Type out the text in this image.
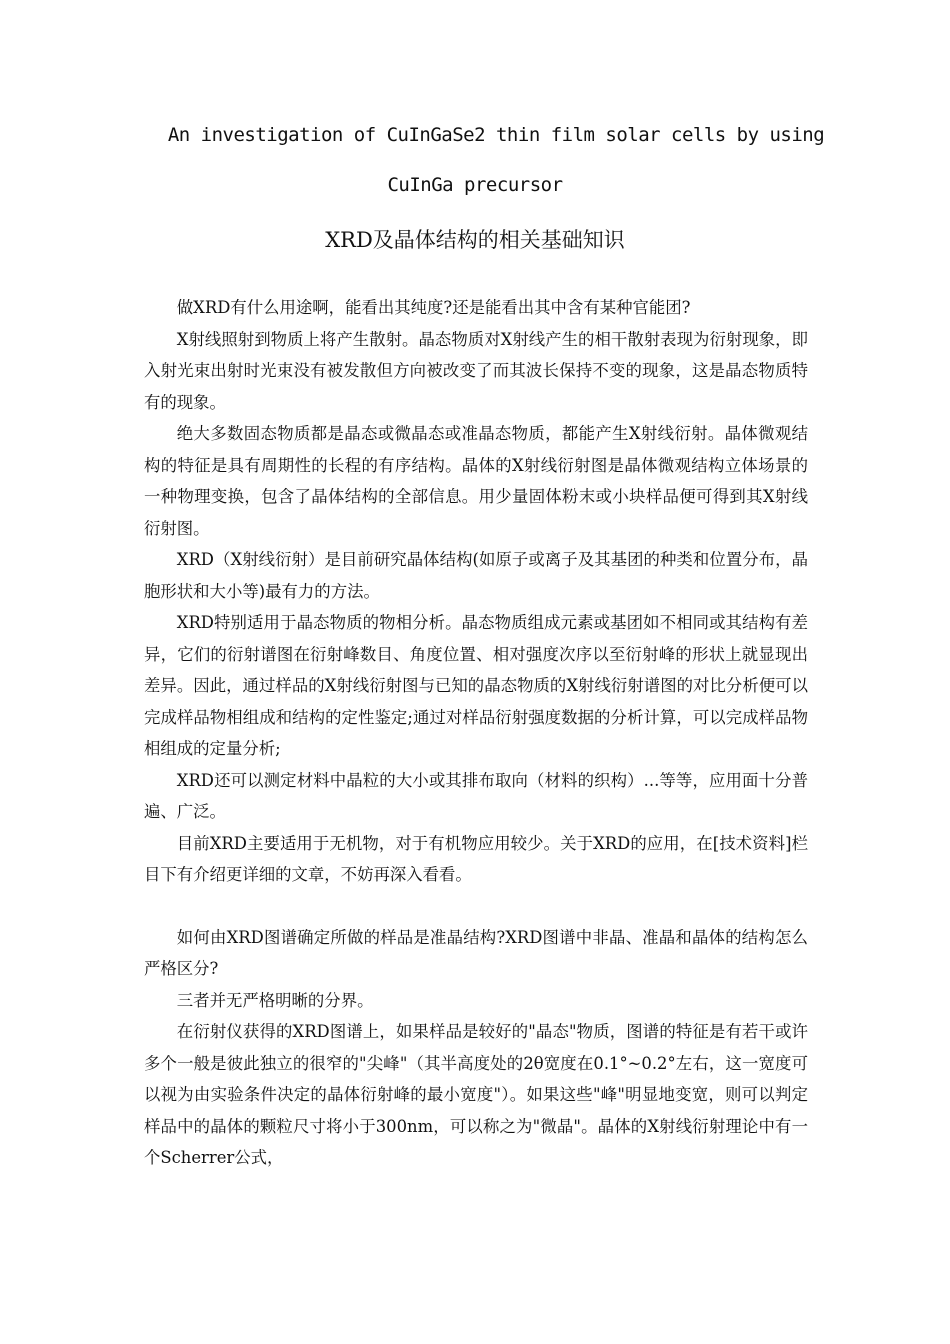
An investigation of CuInGaSe2 thin film solar cells by using
CuInGa precursor
XRD及晶体结构的相关基础知识

做XRD有什么用途啊，能看出其纯度?还是能看出其中含有某种官能团?

X射线照射到物质上将产生散射。晶态物质对X射线产生的相干散射表现为衍射现象，即入射光束出射时光束没有被发散但方向被改变了而其波长保持不变的现象，这是晶态物质特有的现象。

绝大多数固态物质都是晶态或微晶态或准晶态物质，都能产生X射线衍射。晶体微观结构的特征是具有周期性的长程的有序结构。晶体的X射线衍射图是晶体微观结构立体场景的一种物理变换，包含了晶体结构的全部信息。用少量固体粉末或小块样品便可得到其X射线衍射图。

XRD（X射线衍射）是目前研究晶体结构(如原子或离子及其基团的种类和位置分布，晶胞形状和大小等)最有力的方法。

XRD特别适用于晶态物质的物相分析。晶态物质组成元素或基团如不相同或其结构有差异，它们的衍射谱图在衍射峰数目、角度位置、相对强度次序以至衍射峰的形状上就显现出差异。因此，通过样品的X射线衍射图与已知的晶态物质的X射线衍射谱图的对比分析便可以完成样品物相组成和结构的定性鉴定;通过对样品衍射强度数据的分析计算，可以完成样品物相组成的定量分析;

XRD还可以测定材料中晶粒的大小或其排布取向（材料的织构）...等等，应用面十分普遍、广泛。

目前XRD主要适用于无机物，对于有机物应用较少。关于XRD的应用，在[技术资料]栏目下有介绍更详细的文章，不妨再深入看看。

如何由XRD图谱确定所做的样品是准晶结构?XRD图谱中非晶、准晶和晶体的结构怎么严格区分?

三者并无严格明晰的分界。

在衍射仪获得的XRD图谱上，如果样品是较好的"晶态"物质，图谱的特征是有若干或许多个一般是彼此独立的很窄的"尖峰"（其半高度处的2θ宽度在0.1°~0.2°左右，这一宽度可以视为由实验条件决定的晶体衍射峰的最小宽度"）。如果这些"峰"明显地变宽，则可以判定样品中的晶体的颗粒尺寸将小于300nm，可以称之为"微晶"。晶体的X射线衍射理论中有一个Scherrer公式，
